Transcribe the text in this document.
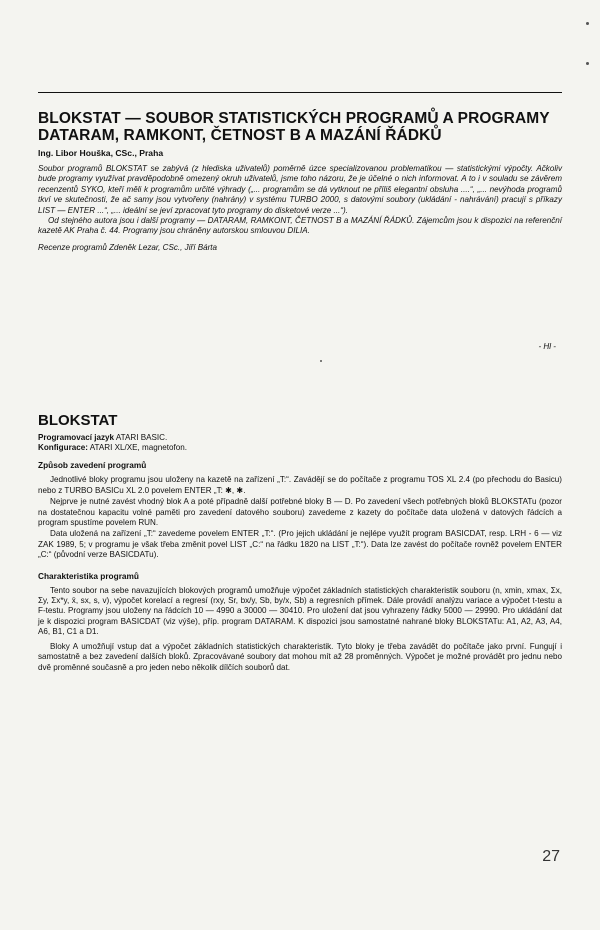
BLOKSTAT — SOUBOR STATISTICKÝCH PROGRAMŮ A PROGRAMY DATARAM, RAMKONT, ČETNOST B A MAZÁNÍ ŘÁDKŮ
Ing. Libor Houška, CSc., Praha

Soubor programů BLOKSTAT se zabývá (z hlediska uživatelů) poměrně úzce specializovanou problematikou — statistickými výpočty. Ačkoliv bude programy využívat pravděpodobně omezený okruh uživatelů, jsme toho názoru, že je účelné o nich informovat. A to i v souladu se závěrem recenzentů SYKO, kteří měli k programům určité výhrady („... programům se dá vytknout ne příliš elegantní obsluha ....“, „... nevýhoda programů tkví ve skutečnosti, že ač samy jsou vytvořeny (nahrány) v systému TURBO 2000, s datovými soubory (ukládání - nahrávání) pracují s příkazy LIST — ENTER ...“, „... ideální se jeví zpracovat tyto programy do disketové verze ...“).

Od stejného autora jsou i další programy — DATARAM, RAMKONT, ČETNOST B a MAZÁNÍ ŘÁDKŮ. Zájemcům jsou k dispozici na referenční kazetě AK Praha č. 44. Programy jsou chráněny autorskou smlouvou DILIA.

Recenze programů Zdeněk Lezar, CSc., Jiří Bárta
- Hl -
BLOKSTAT
Programovací jazyk ATARI BASIC.
Konfigurace: ATARI XL/XE, magnetofon.
Způsob zavedení programů

Jednotlivé bloky programu jsou uloženy na kazetě na zařízení „T:“. Zavádějí se do počítače z programu TOS XL 2.4 (po přechodu do Basicu) nebo z TURBO BASICu XL 2.0 povelem ENTER „T: ✱, ✱.

Nejprve je nutné zavést vhodný blok A a poté případně další potřebné bloky B — D. Po zavedení všech potřebných bloků BLOKSTATu (pozor na dostatečnou kapacitu volné paměti pro zavedení datového souboru) zavedeme z kazety do počítače data uložená v datových řádcích a program spustíme povelem RUN.

Data uložená na zařízení „T:“ zavedeme povelem ENTER „T:“. (Pro jejich ukládání je nejlépe využít program BASICDAT, resp. LRH - 6 — viz ZAK 1989, 5; v programu je však třeba změnit povel LIST „C:“ na řádku 1820 na LIST „T:“). Data lze zavést do počítače rovněž povelem ENTER „C:“ (původní verze BASICDATu).

Charakteristika programů

Tento soubor na sebe navazujících blokových programů umožňuje výpočet základních statistických charakteristik souboru (n, xmin, xmax, Σx, Σy, Σx*y, x̄, sx, s, v), výpočet korelací a regresí (rxy, Sr, bx/y, Sb, by/x, Sb) a regresních přímek. Dále provádí analýzu variace a výpočet t-testu a F-testu. Programy jsou uloženy na řádcích 10 — 4990 a 30000 — 30410. Pro uložení dat jsou vyhrazeny řádky 5000 — 29990. Pro ukládání dat je k dispozici program BASICDAT (viz výše), příp. program DATARAM. K dispozici jsou samostatné nahrané bloky BLOKSTATu: A1, A2, A3, A4, A6, B1, C1 a D1.

Bloky A umožňují vstup dat a výpočet základních statistických charakteristik. Tyto bloky je třeba zavádět do počítače jako první. Fungují i samostatně a bez zavedení dalších bloků. Zpracovávané soubory dat mohou mít až 28 proměnných. Výpočet je možné provádět pro jednu nebo dvě proměnné současně a pro jeden nebo několik dílčích souborů dat.

27
